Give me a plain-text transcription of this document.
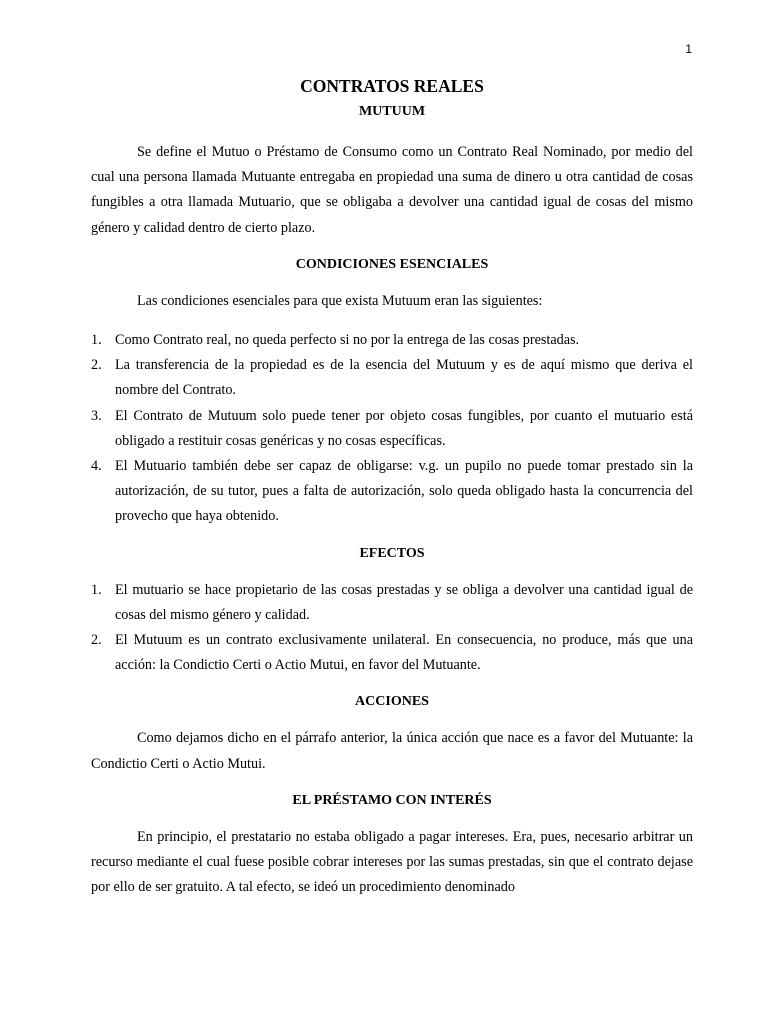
1
CONTRATOS REALES
MUTUUM

Se define el Mutuo o Préstamo de Consumo como un Contrato Real Nominado, por medio del cual una persona llamada Mutuante entregaba en propiedad una suma de dinero u otra cantidad de cosas fungibles a otra llamada Mutuario, que se obligaba a devolver una cantidad igual de cosas del mismo género y calidad dentro de cierto plazo.

CONDICIONES ESENCIALES

Las condiciones esenciales para que exista Mutuum eran las siguientes:

1. Como Contrato real, no queda perfecto si no por la entrega de las cosas prestadas.
2. La transferencia de la propiedad es de la esencia del Mutuum y es de aquí mismo que deriva el nombre del Contrato.
3. El Contrato de Mutuum solo puede tener por objeto cosas fungibles, por cuanto el mutuario está obligado a restituir cosas genéricas y no cosas específicas.
4. El Mutuario también debe ser capaz de obligarse: v.g. un pupilo no puede tomar prestado sin la autorización, de su tutor, pues a falta de autorización, solo queda obligado hasta la concurrencia del provecho que haya obtenido.
EFECTOS
1. El mutuario se hace propietario de las cosas prestadas y se obliga a devolver una cantidad igual de cosas del mismo género y calidad.
2. El Mutuum es un contrato exclusivamente unilateral. En consecuencia, no produce, más que una acción: la Condictio Certi o Actio Mutui, en favor del Mutuante.
ACCIONES

Como dejamos dicho en el párrafo anterior, la única acción que nace es a favor del Mutuante: la Condictio Certi o Actio Mutui.

EL PRÉSTAMO CON INTERÉS

En principio, el prestatario no estaba obligado a pagar intereses. Era, pues, necesario arbitrar un recurso mediante el cual fuese posible cobrar intereses por las sumas prestadas, sin que el contrato dejase por ello de ser gratuito. A tal efecto, se ideó un procedimiento denominado
